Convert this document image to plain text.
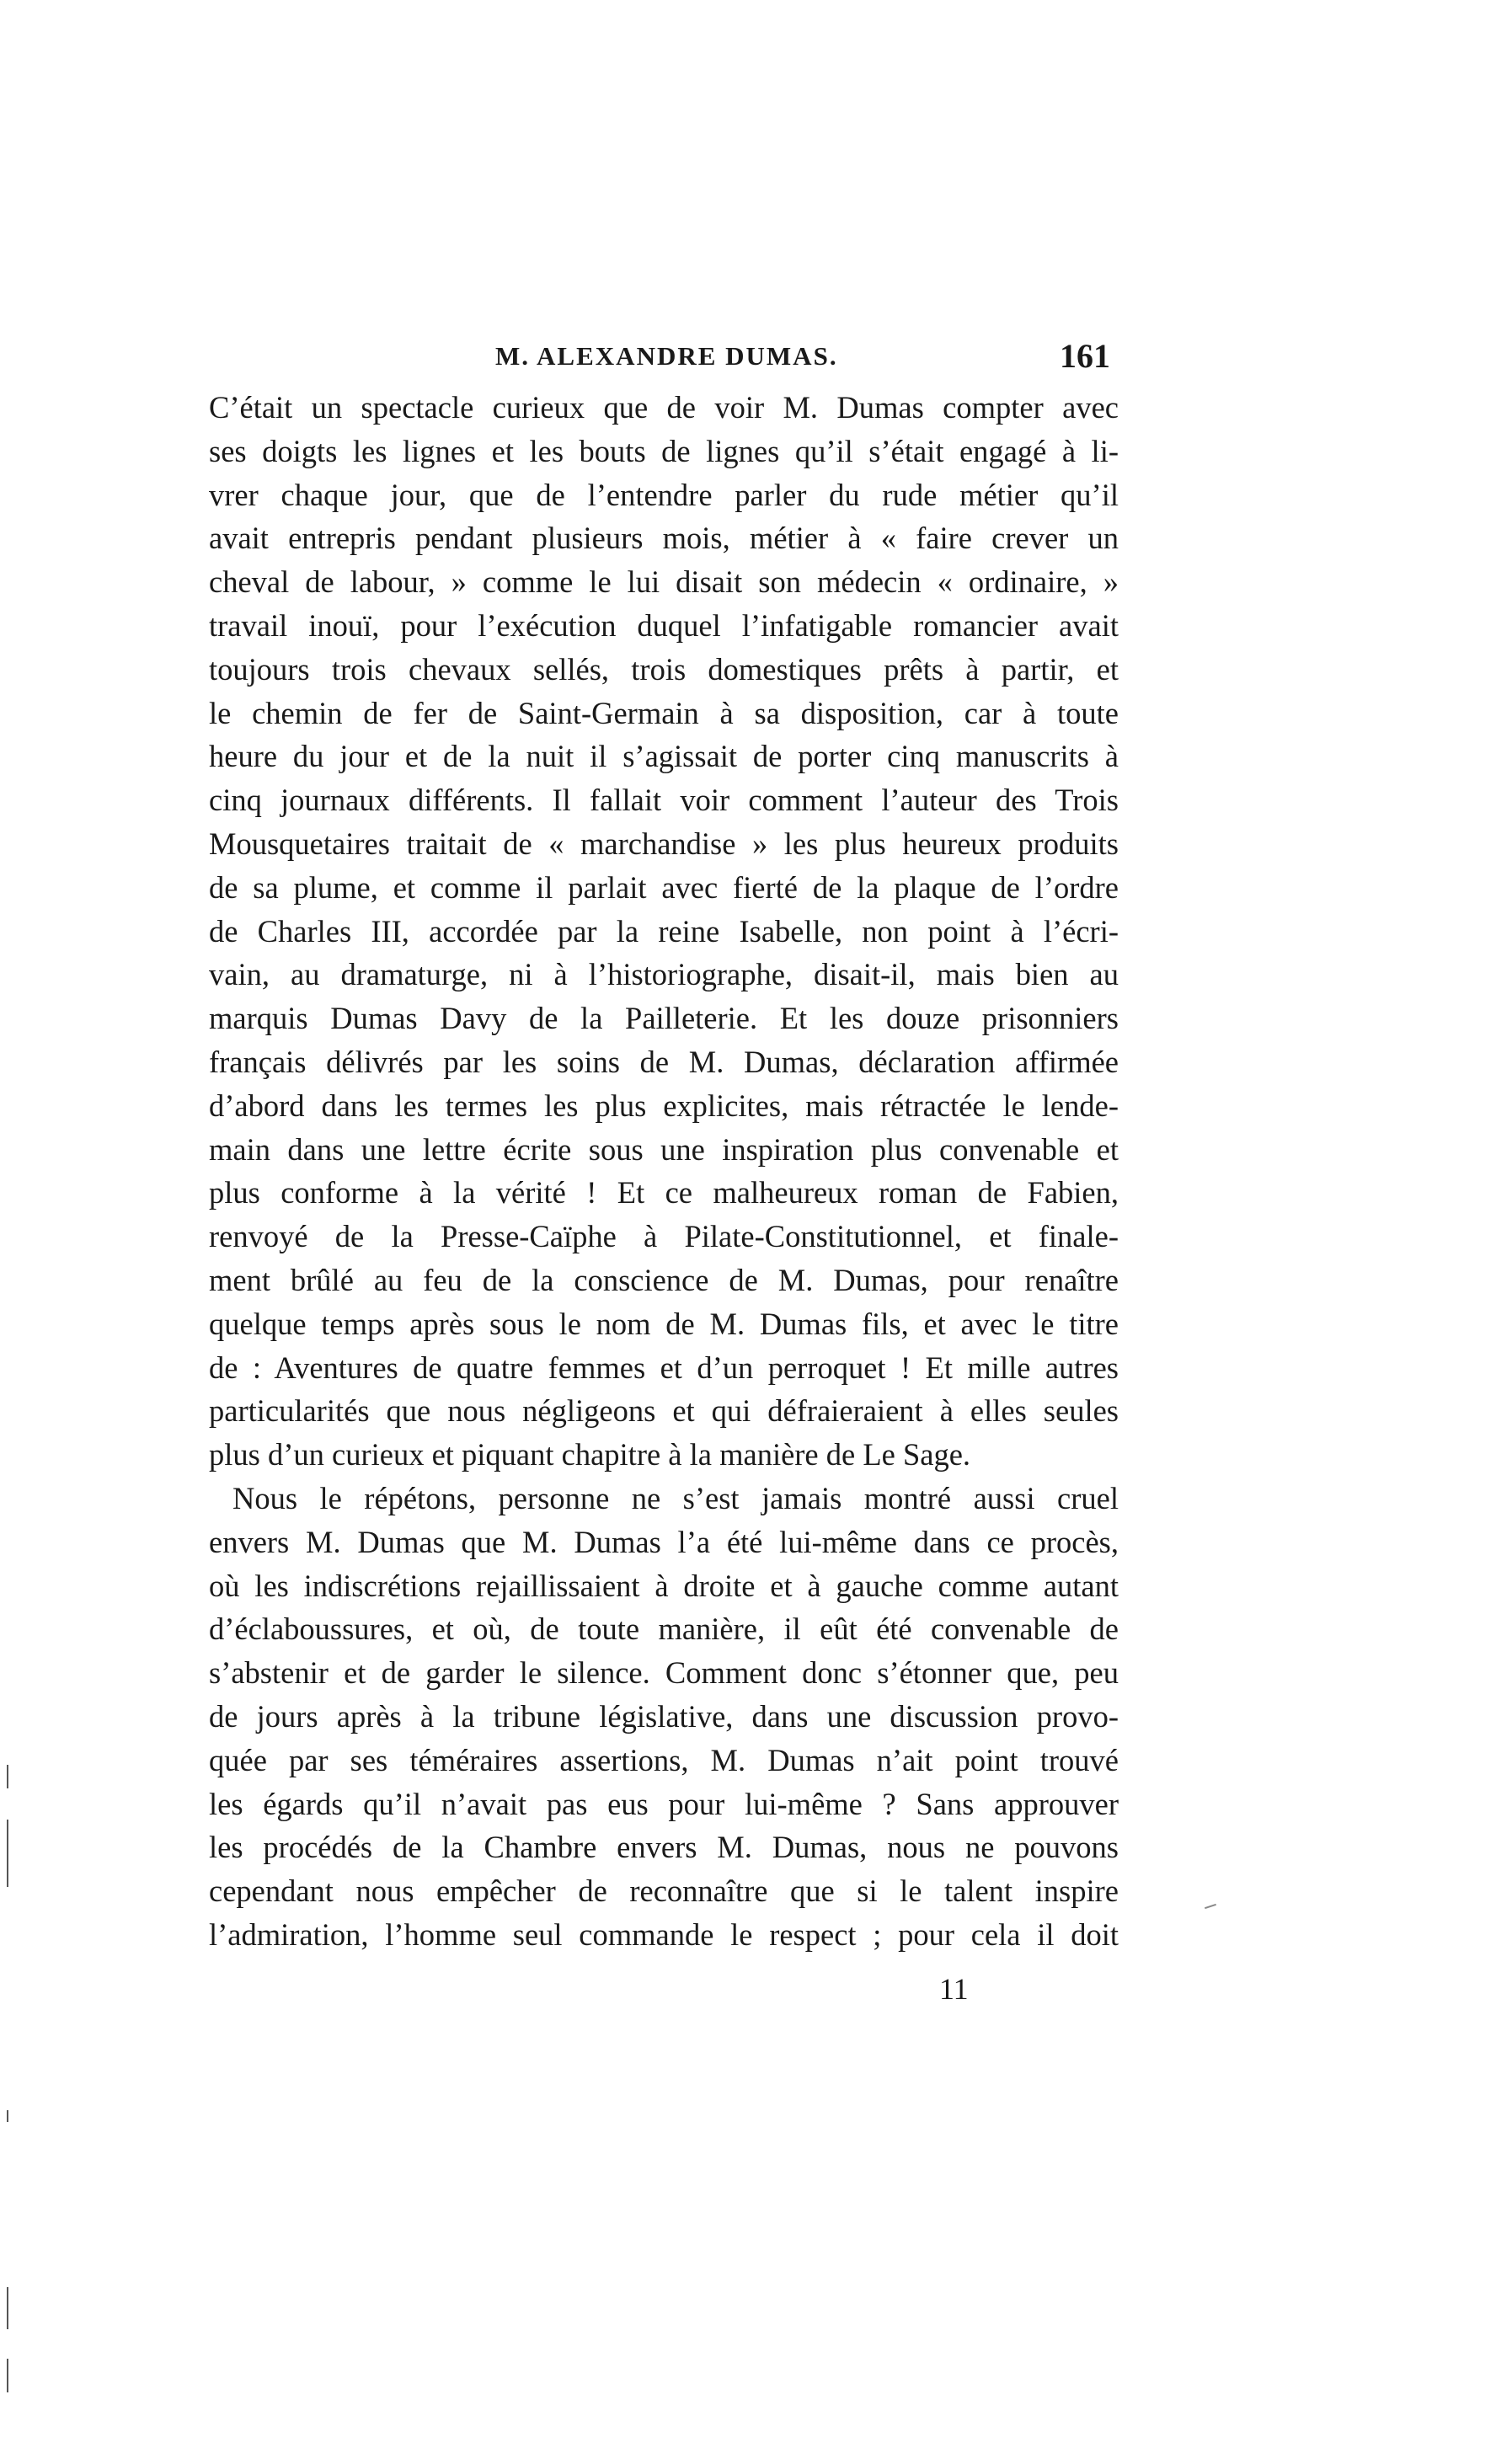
M. ALEXANDRE DUMAS.	161
C’était un spectacle curieux que de voir M. Dumas compter avec
ses doigts les lignes et les bouts de lignes qu’il s’était engagé à li-
vrer chaque jour, que de l’entendre parler du rude métier qu’il
avait entrepris pendant plusieurs mois, métier à « faire crever un
cheval de labour, » comme le lui disait son médecin « ordinaire, »
travail inouï, pour l’exécution duquel l’infatigable romancier avait
toujours trois chevaux sellés, trois domestiques prêts à partir, et
le chemin de fer de Saint-Germain à sa disposition, car à toute
heure du jour et de la nuit il s’agissait de porter cinq manuscrits à
cinq journaux différents. Il fallait voir comment l’auteur des Trois
Mousquetaires traitait de « marchandise » les plus heureux produits
de sa plume, et comme il parlait avec fierté de la plaque de l’ordre
de Charles III, accordée par la reine Isabelle, non point à l’écri-
vain, au dramaturge, ni à l’historiographe, disait-il, mais bien au
marquis Dumas Davy de la Pailleterie. Et les douze prisonniers
français délivrés par les soins de M. Dumas, déclaration affirmée
d’abord dans les termes les plus explicites, mais rétractée le lende-
main dans une lettre écrite sous une inspiration plus convenable et
plus conforme à la vérité ! Et ce malheureux roman de Fabien,
renvoyé de la Presse-Caïphe à Pilate-Constitutionnel, et finale-
ment brûlé au feu de la conscience de M. Dumas, pour renaître
quelque temps après sous le nom de M. Dumas fils, et avec le titre
de : Aventures de quatre femmes et d’un perroquet ! Et mille autres
particularités que nous négligeons et qui défraieraient à elles seules
plus d’un curieux et piquant chapitre à la manière de Le Sage.
Nous le répétons, personne ne s’est jamais montré aussi cruel
envers M. Dumas que M. Dumas l’a été lui-même dans ce procès,
où les indiscrétions rejaillissaient à droite et à gauche comme autant
d’éclaboussures, et où, de toute manière, il eût été convenable de
s’abstenir et de garder le silence. Comment donc s’étonner que, peu
de jours après à la tribune législative, dans une discussion provo-
quée par ses téméraires assertions, M. Dumas n’ait point trouvé
les égards qu’il n’avait pas eus pour lui-même ? Sans approuver
les procédés de la Chambre envers M. Dumas, nous ne pouvons
cependant nous empêcher de reconnaître que si le talent inspire
l’admiration, l’homme seul commande le respect ; pour cela il doit
11
